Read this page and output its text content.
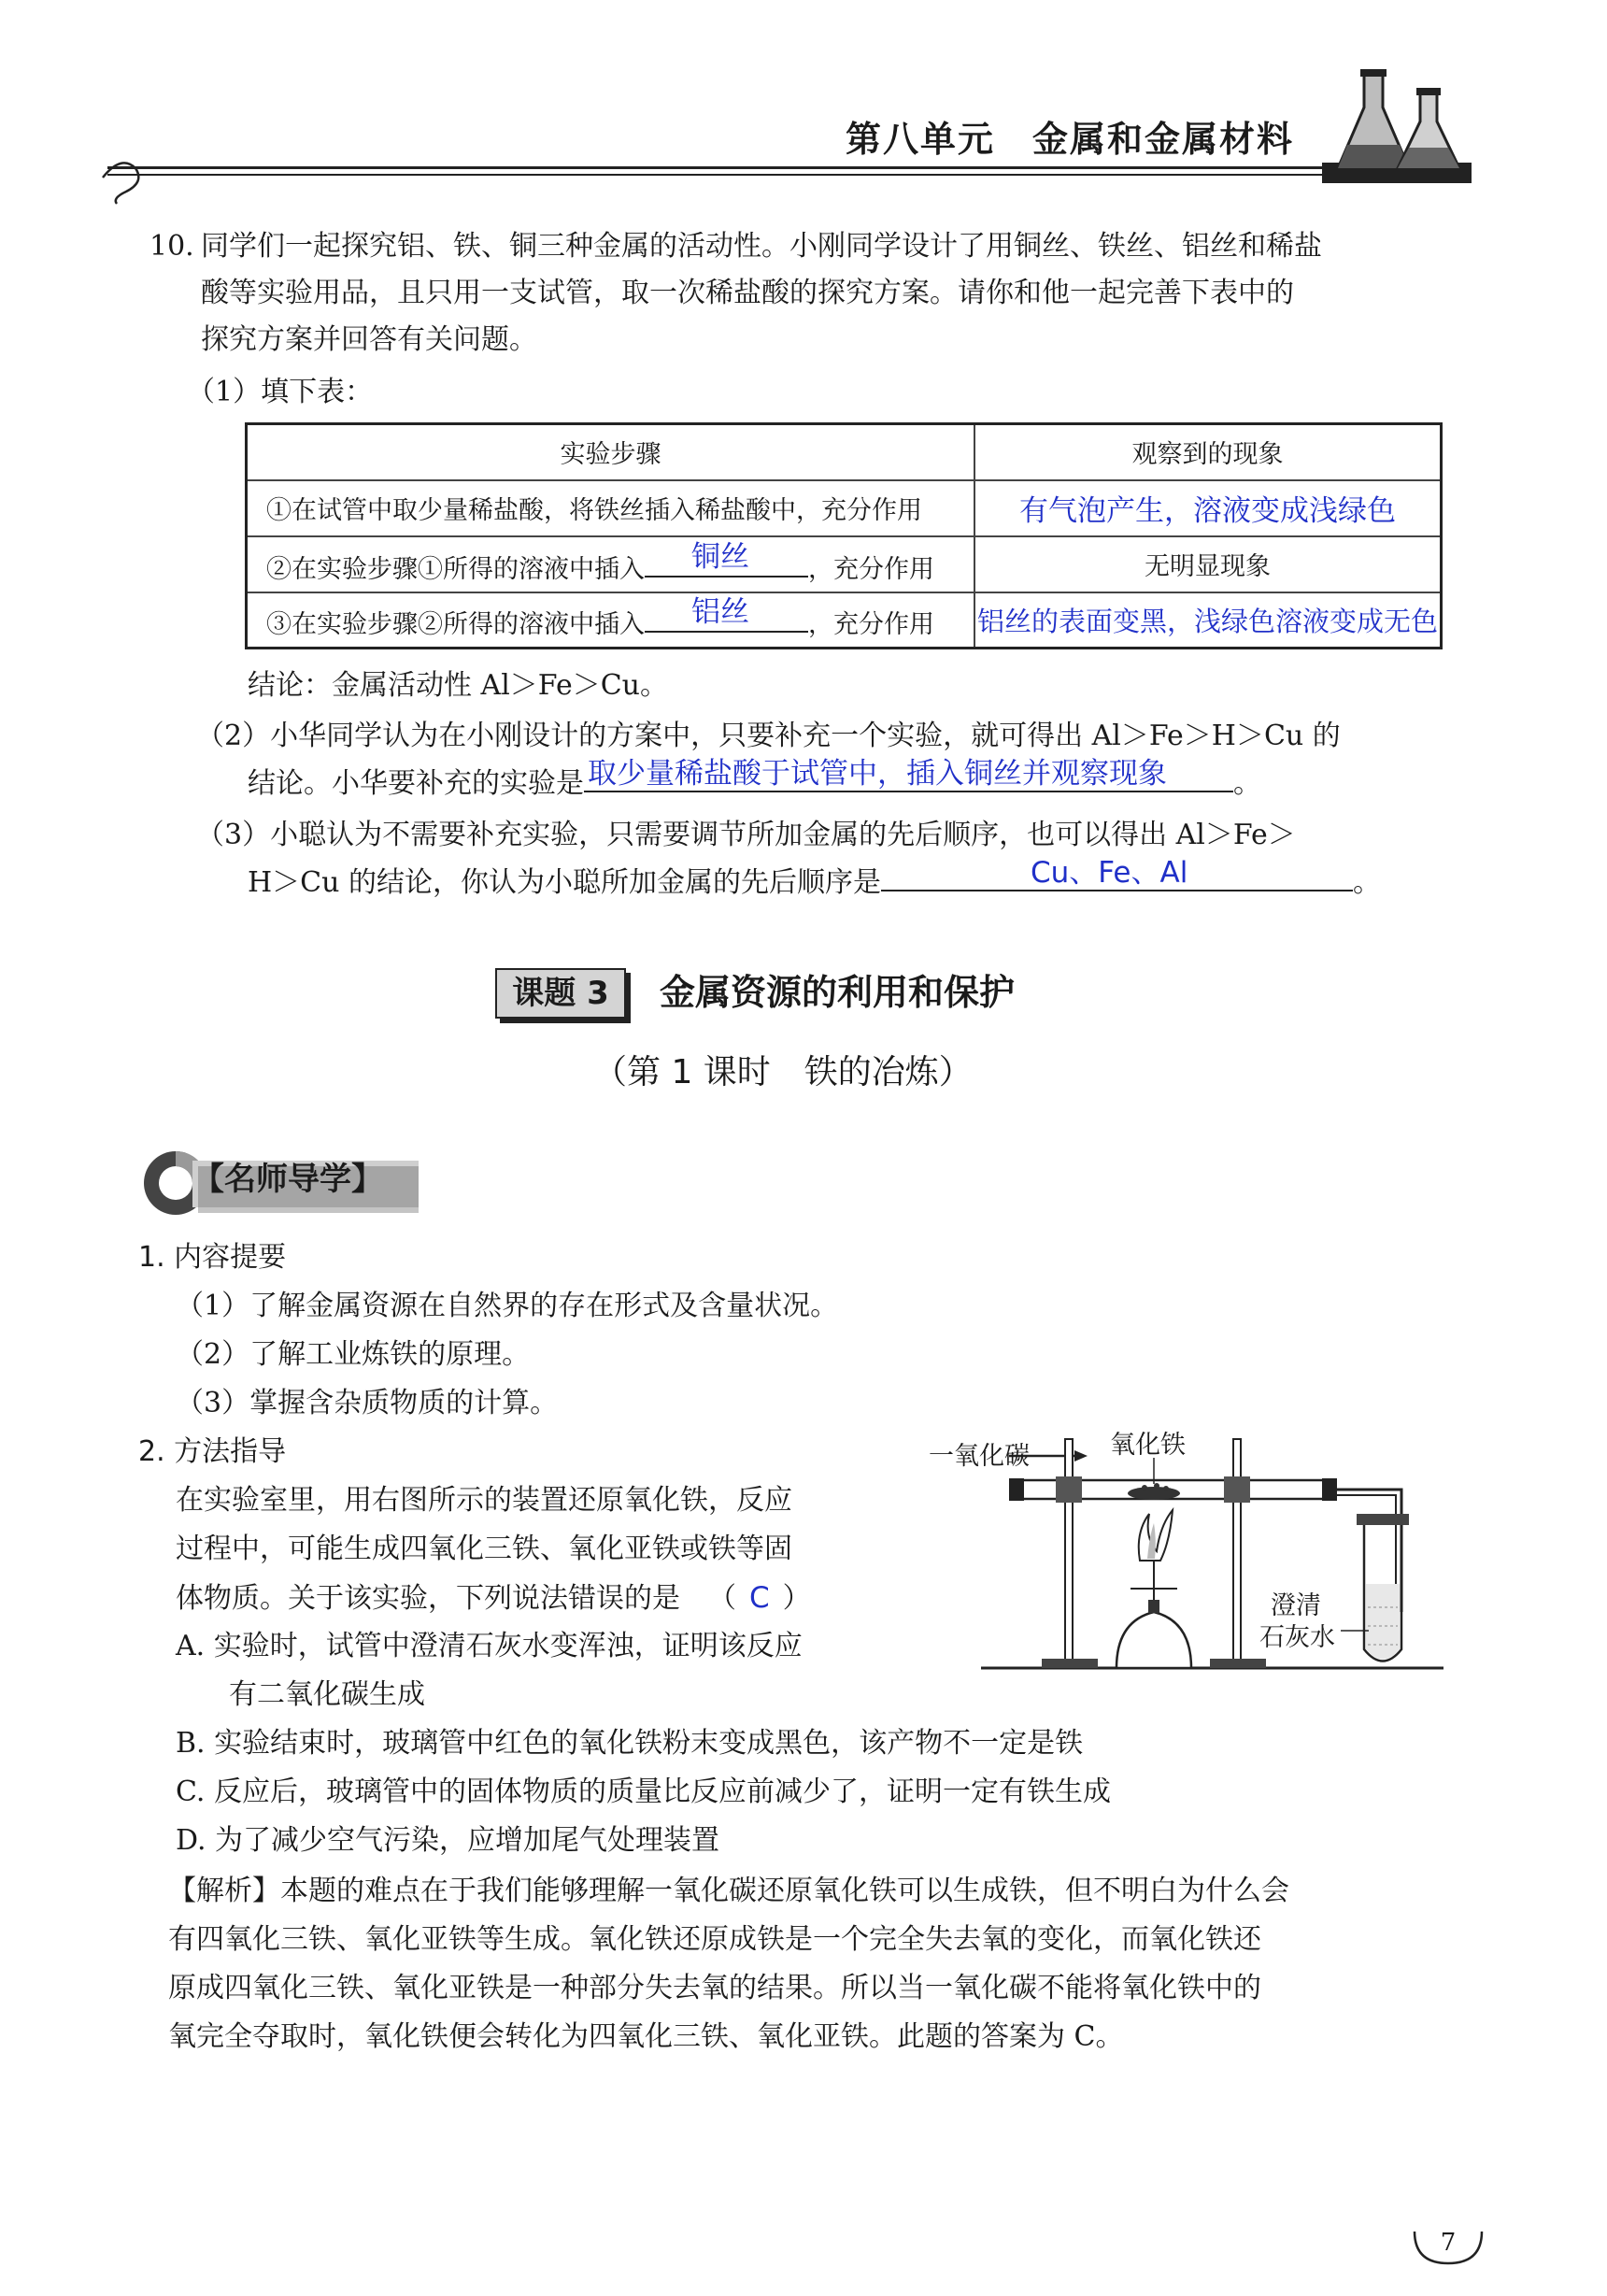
第八单元　金属和金属材料
10. 同学们一起探究铝、铁、铜三种金属的活动性。小刚同学设计了用铜丝、铁丝、铝丝和稀盐
酸等实验用品，且只用一支试管，取一次稀盐酸的探究方案。请你和他一起完善下表中的
探究方案并回答有关问题。
（1）填下表：
实验步骤	观察到的现象
①在试管中取少量稀盐酸，将铁丝插入稀盐酸中，充分作用	有气泡产生，溶液变成浅绿色
②在实验步骤①所得的溶液中插入 铜丝 ，充分作用	无明显现象
③在实验步骤②所得的溶液中插入 铝丝 ，充分作用	铝丝的表面变黑，浅绿色溶液变成无色
结论：金属活动性 Al＞Fe＞Cu。
（2）小华同学认为在小刚设计的方案中，只要补充一个实验，就可得出 Al＞Fe＞H＞Cu 的
结论。小华要补充的实验是 取少量稀盐酸于试管中，插入铜丝并观察现象 。
（3）小聪认为不需要补充实验，只需要调节所加金属的先后顺序，也可以得出 Al＞Fe＞
H＞Cu 的结论，你认为小聪所加金属的先后顺序是	Cu、Fe、Al	。
课题 3	金属资源的利用和保护
（第 1 课时　铁的冶炼）
【名师导学】
1. 内容提要
（1）了解金属资源在自然界的存在形式及含量状况。
（2）了解工业炼铁的原理。
（3）掌握含杂质物质的计算。
2. 方法指导
在实验室里，用右图所示的装置还原氧化铁，反应
过程中，可能生成四氧化三铁、氧化亚铁或铁等固
体物质。关于该实验，下列说法错误的是 （ C ）
A. 实验时，试管中澄清石灰水变浑浊，证明该反应
有二氧化碳生成
B. 实验结束时，玻璃管中红色的氧化铁粉末变成黑色，该产物不一定是铁
C. 反应后，玻璃管中的固体物质的质量比反应前减少了，证明一定有铁生成
D. 为了减少空气污染，应增加尾气处理装置
【解析】本题的难点在于我们能够理解一氧化碳还原氧化铁可以生成铁，但不明白为什么会
有四氧化三铁、氧化亚铁等生成。氧化铁还原成铁是一个完全失去氧的变化，而氧化铁还
原成四氧化三铁、氧化亚铁是一种部分失去氧的结果。所以当一氧化碳不能将氧化铁中的
氧完全夺取时，氧化铁便会转化为四氧化三铁、氧化亚铁。此题的答案为 C。
一氧化碳	氧化铁
澄清
石灰水
7
